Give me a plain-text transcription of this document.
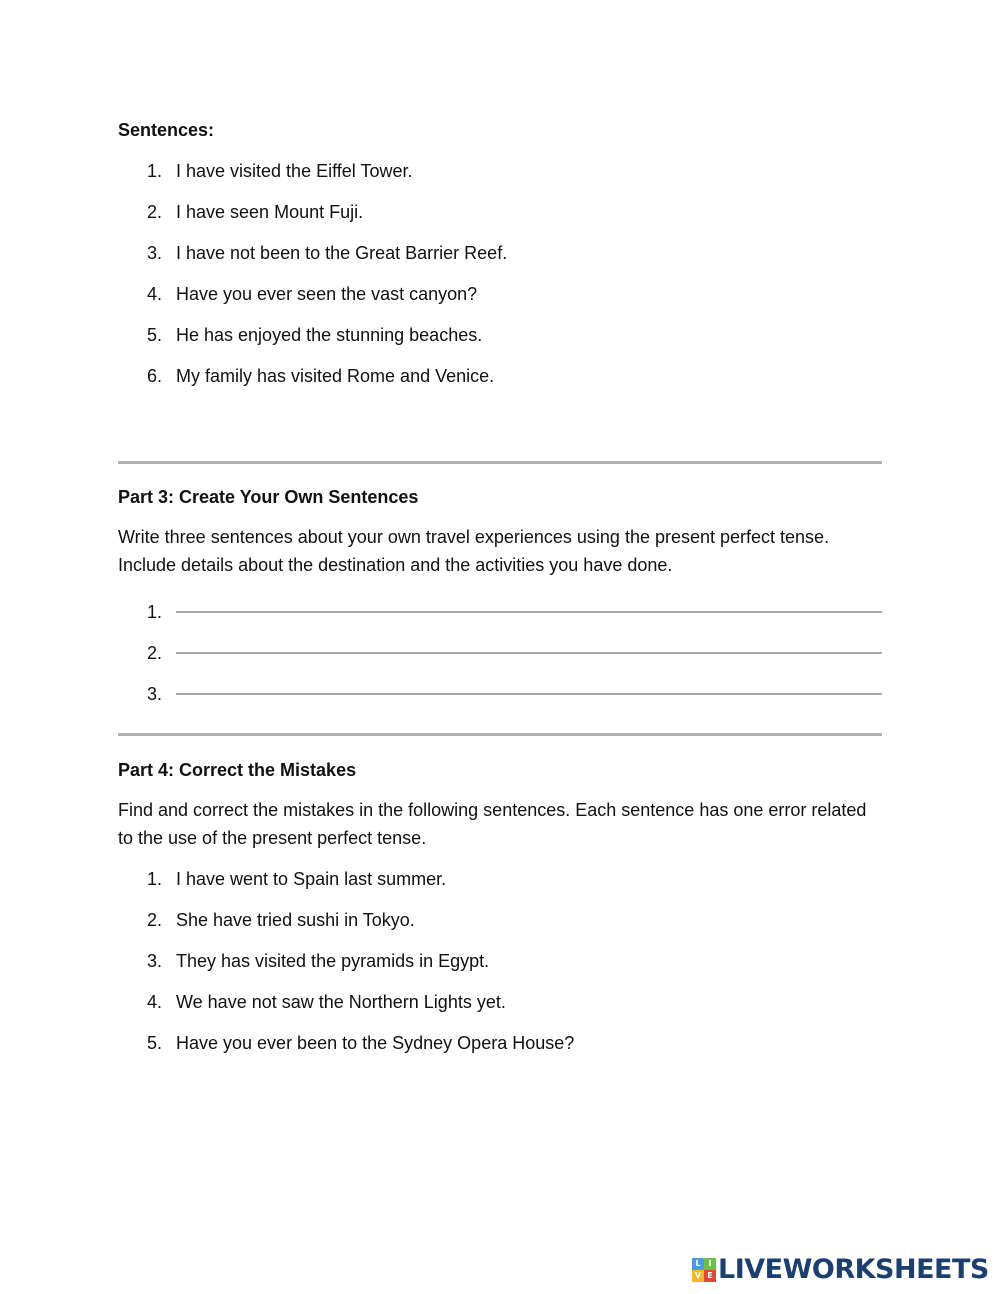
Sentences:
1. I have visited the Eiffel Tower.
2. I have seen Mount Fuji.
3. I have not been to the Great Barrier Reef.
4. Have you ever seen the vast canyon?
5. He has enjoyed the stunning beaches.
6. My family has visited Rome and Venice.
Part 3: Create Your Own Sentences
Write three sentences about your own travel experiences using the present perfect tense. Include details about the destination and the activities you have done.
1.
2.
3.
Part 4: Correct the Mistakes
Find and correct the mistakes in the following sentences. Each sentence has one error related to the use of the present perfect tense.
1. I have went to Spain last summer.
2. She have tried sushi in Tokyo.
3. They has visited the pyramids in Egypt.
4. We have not saw the Northern Lights yet.
5. Have you ever been to the Sydney Opera House?
L I
V E LIVEWORKSHEETS
